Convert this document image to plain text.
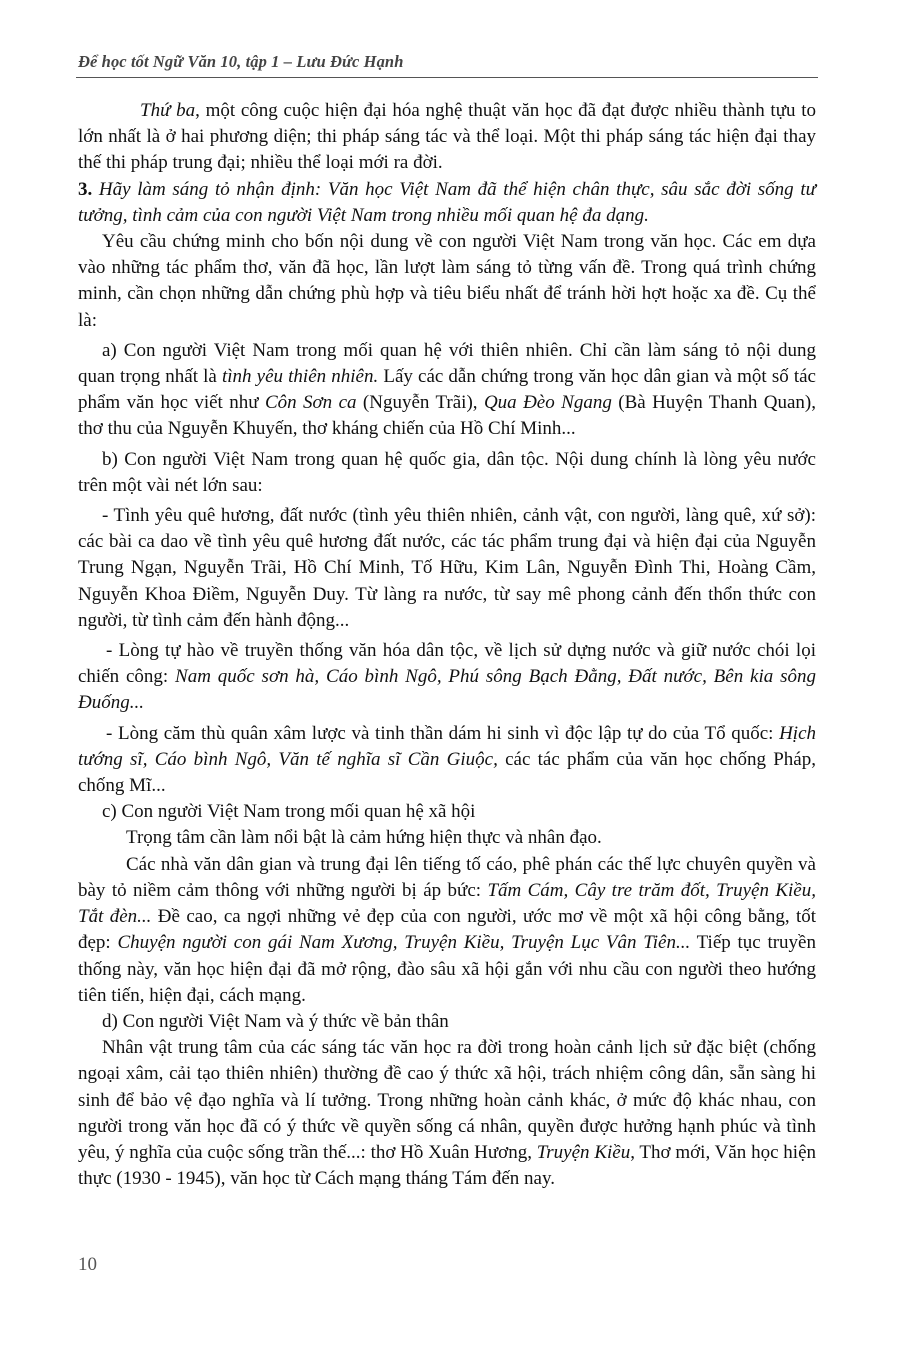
Để học tốt Ngữ Văn 10, tập 1 – Lưu Đức Hạnh

Thứ ba, một công cuộc hiện đại hóa nghệ thuật văn học đã đạt được nhiều thành tựu to lớn nhất là ở hai phương diện; thi pháp sáng tác và thể loại. Một thi pháp sáng tác hiện đại thay thế thi pháp trung đại; nhiều thể loại mới ra đời.

3. Hãy làm sáng tỏ nhận định: Văn học Việt Nam đã thể hiện chân thực, sâu sắc đời sống tư tưởng, tình cảm của con người Việt Nam trong nhiều mối quan hệ đa dạng.

Yêu cầu chứng minh cho bốn nội dung về con người Việt Nam trong văn học. Các em dựa vào những tác phẩm thơ, văn đã học, lần lượt làm sáng tỏ từng vấn đề. Trong quá trình chứng minh, cần chọn những dẫn chứng phù hợp và tiêu biểu nhất để tránh hời hợt hoặc xa đề. Cụ thể là:

a) Con người Việt Nam trong mối quan hệ với thiên nhiên. Chỉ cần làm sáng tỏ nội dung quan trọng nhất là tình yêu thiên nhiên. Lấy các dẫn chứng trong văn học dân gian và một số tác phẩm văn học viết như Côn Sơn ca (Nguyễn Trãi), Qua Đèo Ngang (Bà Huyện Thanh Quan), thơ thu của Nguyễn Khuyến, thơ kháng chiến của Hồ Chí Minh...

b) Con người Việt Nam trong quan hệ quốc gia, dân tộc. Nội dung chính là lòng yêu nước trên một vài nét lớn sau:

- Tình yêu quê hương, đất nước (tình yêu thiên nhiên, cảnh vật, con người, làng quê, xứ sở): các bài ca dao về tình yêu quê hương đất nước, các tác phẩm trung đại và hiện đại của Nguyễn Trung Ngạn, Nguyễn Trãi, Hồ Chí Minh, Tố Hữu, Kim Lân, Nguyễn Đình Thi, Hoàng Cầm, Nguyễn Khoa Điềm, Nguyễn Duy. Từ làng ra nước, từ say mê phong cảnh đến thổn thức con người, từ tình cảm đến hành động...

- Lòng tự hào về truyền thống văn hóa dân tộc, về lịch sử dựng nước và giữ nước chói lọi chiến công: Nam quốc sơn hà, Cáo bình Ngô, Phú sông Bạch Đằng, Đất nước, Bên kia sông Đuống...

- Lòng căm thù quân xâm lược và tinh thần dám hi sinh vì độc lập tự do của Tổ quốc: Hịch tướng sĩ, Cáo bình Ngô, Văn tế nghĩa sĩ Cần Giuộc, các tác phẩm của văn học chống Pháp, chống Mĩ...

c) Con người Việt Nam trong mối quan hệ xã hội

Trọng tâm cần làm nổi bật là cảm hứng hiện thực và nhân đạo.

Các nhà văn dân gian và trung đại lên tiếng tố cáo, phê phán các thế lực chuyên quyền và bày tỏ niềm cảm thông với những người bị áp bức: Tấm Cám, Cây tre trăm đốt, Truyện Kiều, Tắt đèn... Đề cao, ca ngợi những vẻ đẹp của con người, ước mơ về một xã hội công bằng, tốt đẹp: Chuyện người con gái Nam Xương, Truyện Kiều, Truyện Lục Vân Tiên... Tiếp tục truyền thống này, văn học hiện đại đã mở rộng, đào sâu xã hội gắn với nhu cầu con người theo hướng tiên tiến, hiện đại, cách mạng.

d) Con người Việt Nam và ý thức về bản thân

Nhân vật trung tâm của các sáng tác văn học ra đời trong hoàn cảnh lịch sử đặc biệt (chống ngoại xâm, cải tạo thiên nhiên) thường đề cao ý thức xã hội, trách nhiệm công dân, sẵn sàng hi sinh để bảo vệ đạo nghĩa và lí tưởng. Trong những hoàn cảnh khác, ở mức độ khác nhau, con người trong văn học đã có ý thức về quyền sống cá nhân, quyền được hưởng hạnh phúc và tình yêu, ý nghĩa của cuộc sống trần thế...: thơ Hồ Xuân Hương, Truyện Kiều, Thơ mới, Văn học hiện thực (1930 - 1945), văn học từ Cách mạng tháng Tám đến nay.

10
